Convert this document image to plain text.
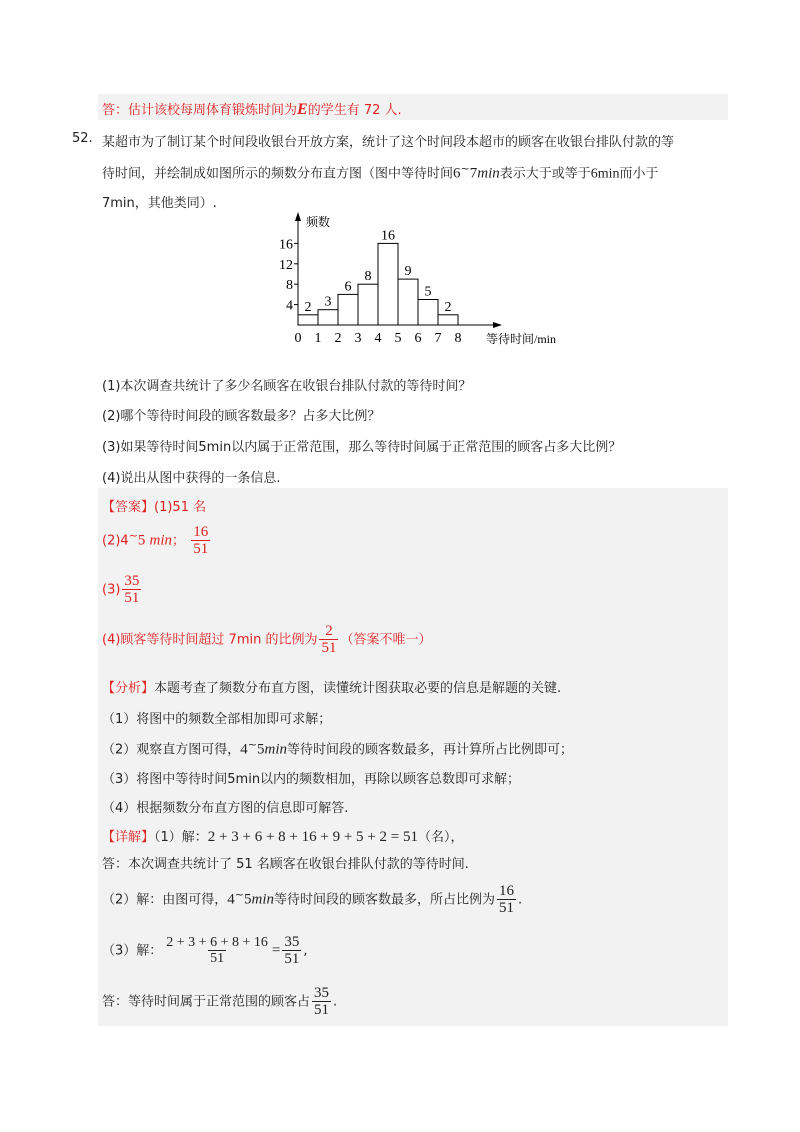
答：估计该校每周体育锻炼时间为E的学生有 72 人.
52. 某超市为了制订某个时间段收银台开放方案，统计了这个时间段本超市的顾客在收银台排队付款的等
待时间，并绘制成如图所示的频数分布直方图（图中等待时间6~7min表示大于或等于6min而小于
7min，其他类同）.
4
8
12
16
0 1 2 3 4 5 6 7 8
2 3
6
8
16
9
5
2
频数
等待时间/min
(1)本次调查共统计了多少名顾客在收银台排队付款的等待时间？
(2)哪个等待时间段的顾客数最多？占多大比例？
(3)如果等待时间5min以内属于正常范围，那么等待时间属于正常范围的顾客占多大比例？
(4)说出从图中获得的一条信息.
【答案】(1)51 名
(2)4~5 min； $\frac{16}{51}$
$(3) \frac{35}{51}$
(4)顾客等待时间超过 7min 的比例为 $\frac{2}{51}$ （答案不唯一）
【分析】本题考查了频数分布直方图，读懂统计图获取必要的信息是解题的关键.
（1）将图中的频数全部相加即可求解；
（2）观察直方图可得，4~5min等待时间段的顾客数最多，再计算所占比例即可；
（3）将图中等待时间5min以内的频数相加，再除以顾客总数即可求解；
（4）根据频数分布直方图的信息即可解答.
【详解】（1）解：2 + 3 + 6 + 8 + 16 + 9 + 5 + 2 = 51（名），
答：本次调查共统计了 51 名顾客在收银台排队付款的等待时间.
（2）解：由图可得，4~5min等待时间段的顾客数最多，所占比例为 $\frac{16}{51}$ .
（3）解： $\frac{2 + 3 + 6 + 8 + 16}{51} = \frac{35}{51}$ ,
答：等待时间属于正常范围的顾客占 $\frac{35}{51}$ .
